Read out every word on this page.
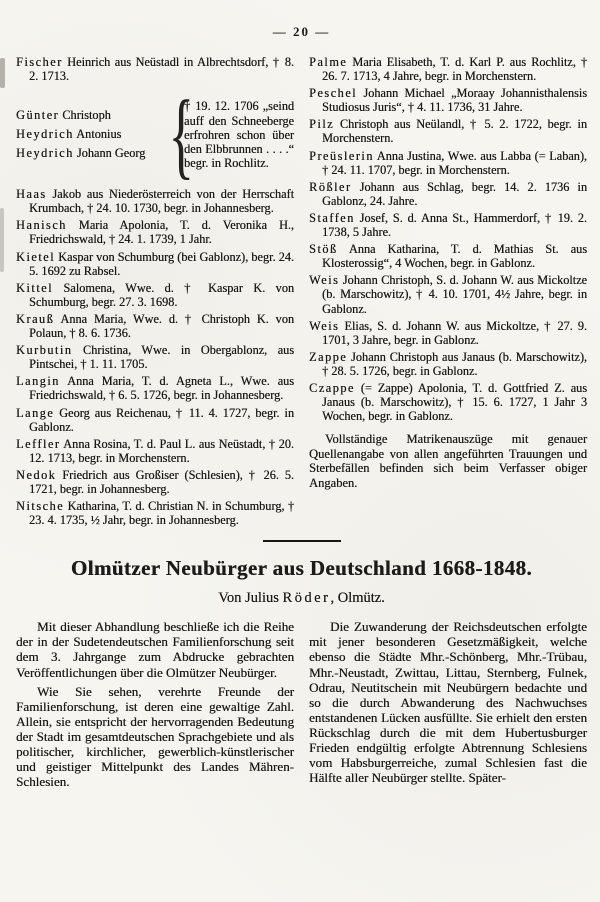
— 20 —

Fischer Heinrich aus Neüstadl in Albrechtsdorf, † 8. 2. 1713.

Günter Christoph
Heydrich Antonius
Heydrich Johann Georg {

† 19. 12. 1706 „seind auff den Schneeberge erfrohren schon über den Elbbrunnen . . . .“ begr. in Rochlitz.

Haas Jakob aus Niederösterreich von der Herrschaft Krumbach, † 24. 10. 1730, begr. in Johannesberg.

Hanisch Maria Apolonia, T. d. Veronika H., Friedrichswald, † 24. 1. 1739, 1 Jahr.

Kietel Kaspar von Schumburg (bei Gablonz), begr. 24. 5. 1692 zu Rabsel.

Kittel Salomena, Wwe. d. † Kaspar K. von Schumburg, begr. 27. 3. 1698.

Krauß Anna Maria, Wwe. d. † Christoph K. von Polaun, † 8. 6. 1736.

Kurbutin Christina, Wwe. in Obergablonz, aus Pintschei, † 1. 11. 1705.

Langin Anna Maria, T. d. Agneta L., Wwe. aus Friedrichswald, † 6. 5. 1726, begr. in Johannesberg.

Lange Georg aus Reichenau, † 11. 4. 1727, begr. in Gablonz.

Leffler Anna Rosina, T. d. Paul L. aus Neüstadt, † 20. 12. 1713, begr. in Morchenstern.

Nedok Friedrich aus Großiser (Schlesien), † 26. 5. 1721, begr. in Johannesberg.

Nitsche Katharina, T. d. Christian N. in Schumburg, † 23. 4. 1735, ½ Jahr, begr. in Johannesberg.

Palme Maria Elisabeth, T. d. Karl P. aus Rochlitz, † 26. 7. 1713, 4 Jahre, begr. in Morchenstern.

Peschel Johann Michael „Moraay Johannisthalensis Studiosus Juris“, † 4. 11. 1736, 31 Jahre.

Pilz Christoph aus Neülandl, † 5. 2. 1722, begr. in Morchenstern.

Preüslerin Anna Justina, Wwe. aus Labba (= Laban), † 24. 11. 1707, begr. in Morchenstern.

Rößler Johann aus Schlag, begr. 14. 2. 1736 in Gablonz, 24. Jahre.

Staffen Josef, S. d. Anna St., Hammerdorf, † 19. 2. 1738, 5 Jahre.

Stöß Anna Katharina, T. d. Mathias St. aus Klosterossig“, 4 Wochen, begr. in Gablonz.

Weis Johann Christoph, S. d. Johann W. aus Mickoltze (b. Marschowitz), † 4. 10. 1701, 4½ Jahre, begr. in Gablonz.

Weis Elias, S. d. Johann W. aus Mickoltze, † 27. 9. 1701, 3 Jahre, begr. in Gablonz.

Zappe Johann Christoph aus Janaus (b. Marschowitz), † 28. 5. 1726, begr. in Gablonz.

Czappe (= Zappe) Apolonia, T. d. Gottfried Z. aus Janaus (b. Marschowitz), † 15. 6. 1727, 1 Jahr 3 Wochen, begr. in Gablonz.

Vollständige Matrikenauszüge mit genauer Quellenangabe von allen angeführten Trauungen und Sterbefällen befinden sich beim Verfasser obiger Angaben.

Olmützer Neubürger aus Deutschland 1668-1848.

Von Julius Röder, Olmütz.

Mit dieser Abhandlung beschließe ich die Reihe der in der Sudetendeutschen Familienforschung seit dem 3. Jahrgange zum Abdrucke gebrachten Veröffentlichungen über die Olmützer Neubürger.

Wie Sie sehen, verehrte Freunde der Familienforschung, ist deren eine gewaltige Zahl. Allein, sie entspricht der hervorragenden Bedeutung der Stadt im gesamtdeutschen Sprachgebiete und als politischer, kirchlicher, gewerblich-künstlerischer und geistiger Mittelpunkt des Landes Mähren-Schlesien.

Die Zuwanderung der Reichsdeutschen erfolgte mit jener besonderen Gesetzmäßigkeit, welche ebenso die Städte Mhr.-Schönberg, Mhr.-Trübau, Mhr.-Neustadt, Zwittau, Littau, Sternberg, Fulnek, Odrau, Neutitschein mit Neubürgern bedachte und so die durch Abwanderung des Nachwuchses entstandenen Lücken ausfüllte. Sie erhielt den ersten Rückschlag durch die mit dem Hubertusburger Frieden endgültig erfolgte Abtrennung Schlesiens vom Habsburgerreiche, zumal Schlesien fast die Hälfte aller Neubürger stellte. Später-
